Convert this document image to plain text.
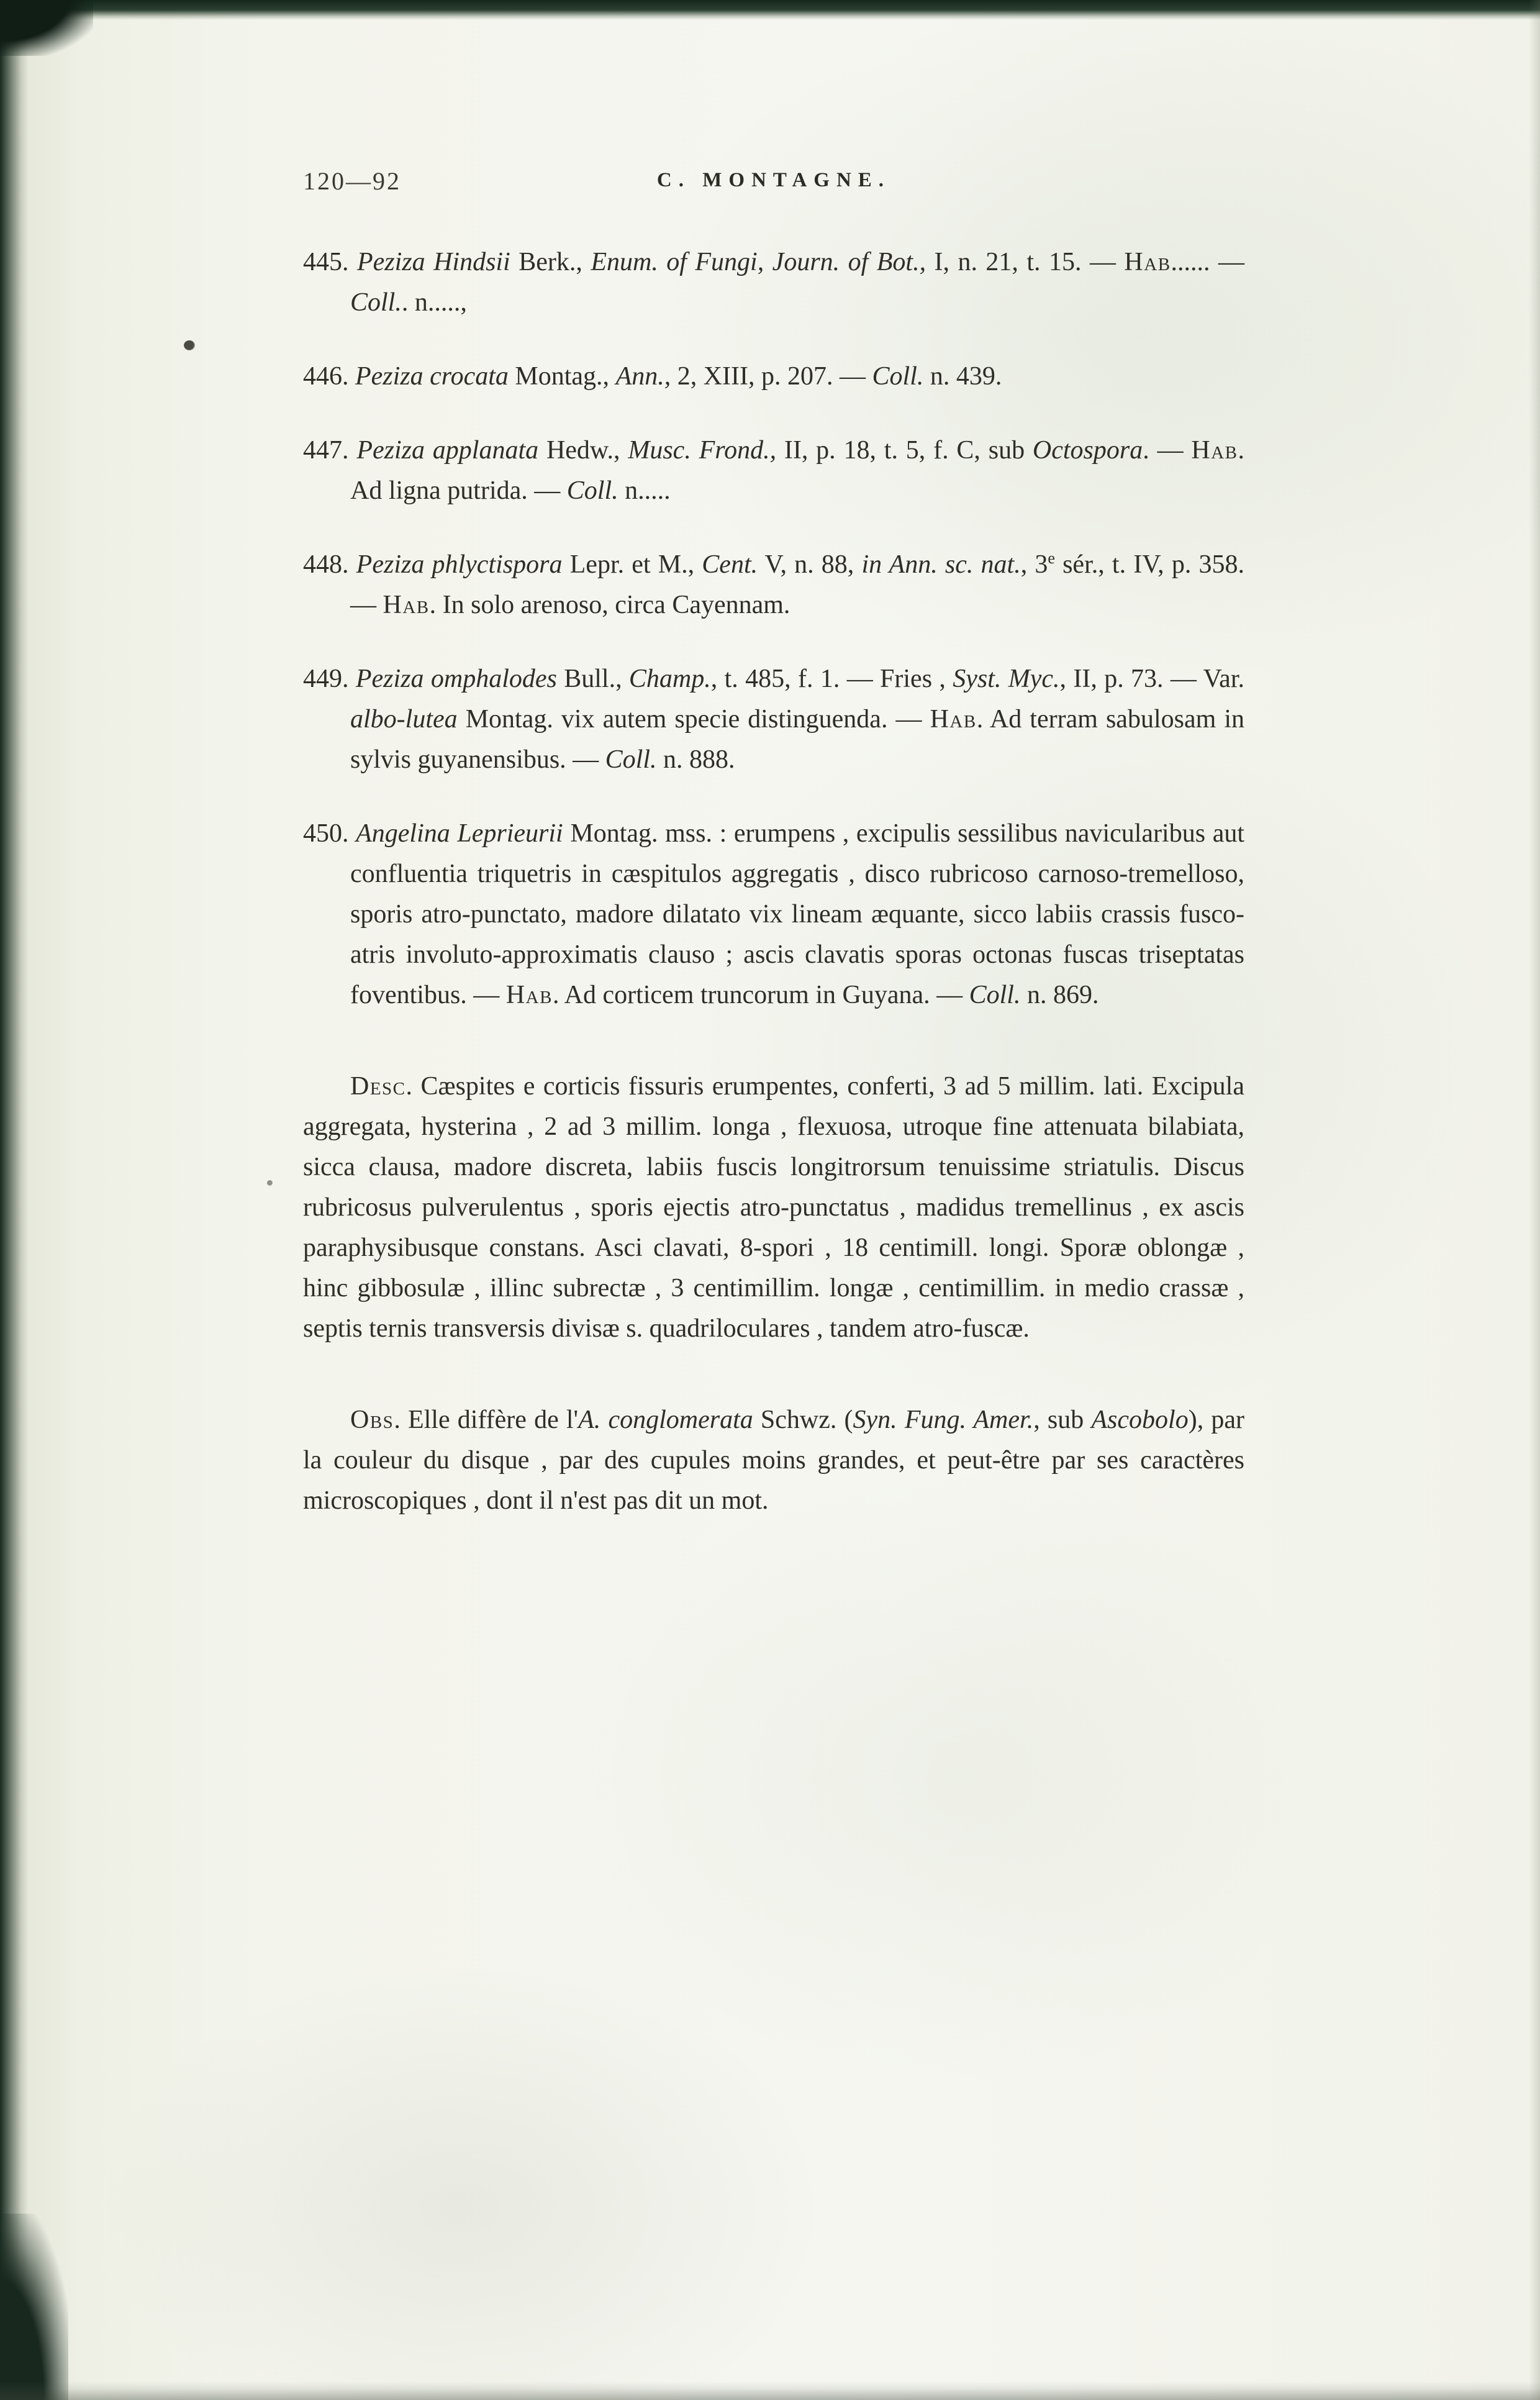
120—92	C. MONTAGNE.

445. Peziza Hindsii Berk., Enum. of Fungi, Journ. of Bot., I, n. 21, t. 15. — Hab...... — Coll.. n.....,

446. Peziza crocata Montag., Ann., 2, XIII, p. 207. — Coll. n. 439.

447. Peziza applanata Hedw., Musc. Frond., II, p. 18, t. 5, f. C, sub Octospora. — Hab. Ad ligna putrida. — Coll. n.....

448. Peziza phlyctispora Lepr. et M., Cent. V, n. 88, in Ann. sc. nat., 3e sér., t. IV, p. 358. — Hab. In solo arenoso, circa Cayennam.

449. Peziza omphalodes Bull., Champ., t. 485, f. 1. — Fries , Syst. Myc., II, p. 73. — Var. albo-lutea Montag. vix autem specie distinguenda. — Hab. Ad terram sabulosam in sylvis guyanensibus. — Coll. n. 888.

450. Angelina Leprieurii Montag. mss. : erumpens , excipulis sessilibus navicularibus aut confluentia triquetris in cæspitulos aggregatis , disco rubricoso carnoso-tremelloso, sporis atro-punctato, madore dilatato vix lineam æquante, sicco labiis crassis fusco-atris involuto-approximatis clauso ; ascis clavatis sporas octonas fuscas triseptatas foventibus. — Hab. Ad corticem truncorum in Guyana. — Coll. n. 869.

Desc. Cæspites e corticis fissuris erumpentes, conferti, 3 ad 5 millim. lati. Excipula aggregata, hysterina , 2 ad 3 millim. longa , flexuosa, utroque fine attenuata bilabiata, sicca clausa, madore discreta, labiis fuscis longitrorsum tenuissime striatulis. Discus rubricosus pulverulentus , sporis ejectis atro-punctatus , madidus tremellinus , ex ascis paraphysibusque constans. Asci clavati, 8-spori , 18 centimill. longi. Sporæ oblongæ , hinc gibbosulæ , illinc subrectæ , 3 centimillim. longæ , centimillim. in medio crassæ , septis ternis transversis divisæ s. quadriloculares , tandem atro-fuscæ.

Obs. Elle diffère de l'A. conglomerata Schwz. (Syn. Fung. Amer., sub Ascobolo), par la couleur du disque , par des cupules moins grandes, et peut-être par ses caractères microscopiques , dont il n'est pas dit un mot.
